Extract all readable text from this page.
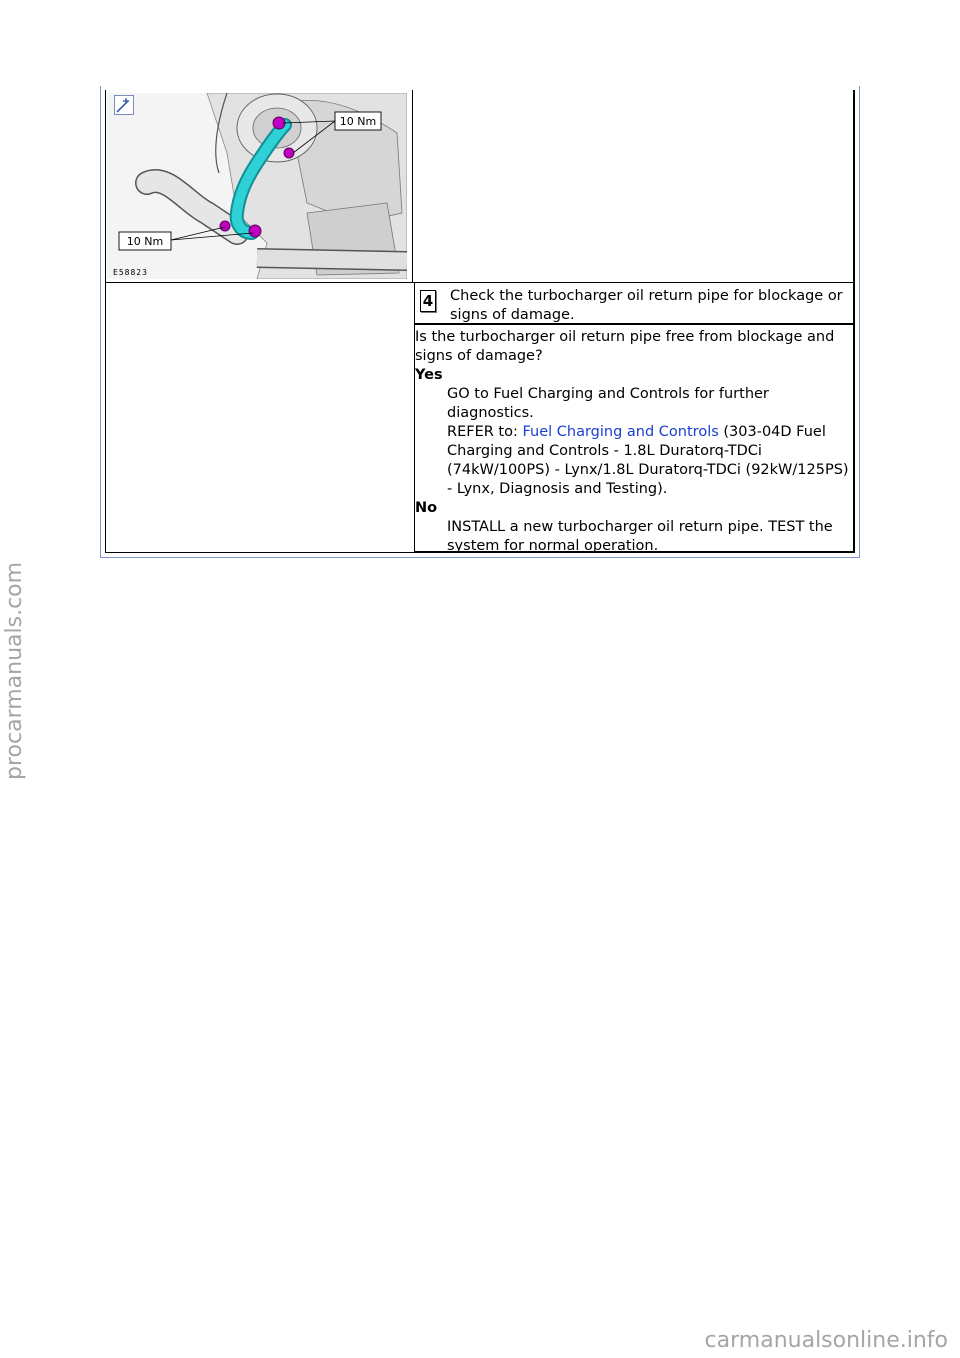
10 Nm
10 Nm
E58823
4 Check the turbocharger oil return pipe for blockage or signs of damage.

Is the turbocharger oil return pipe free from blockage and signs of damage?

Yes

GO to Fuel Charging and Controls for further diagnostics.

REFER to: Fuel Charging and Controls (303-04D Fuel Charging and Controls - 1.8L Duratorq-TDCi (74kW/100PS) - Lynx/1.8L Duratorq-TDCi (92kW/125PS) - Lynx, Diagnosis and Testing).

No

INSTALL a new turbocharger oil return pipe. TEST the system for normal operation.

procarmanuals.com
carmanualsonline.info
